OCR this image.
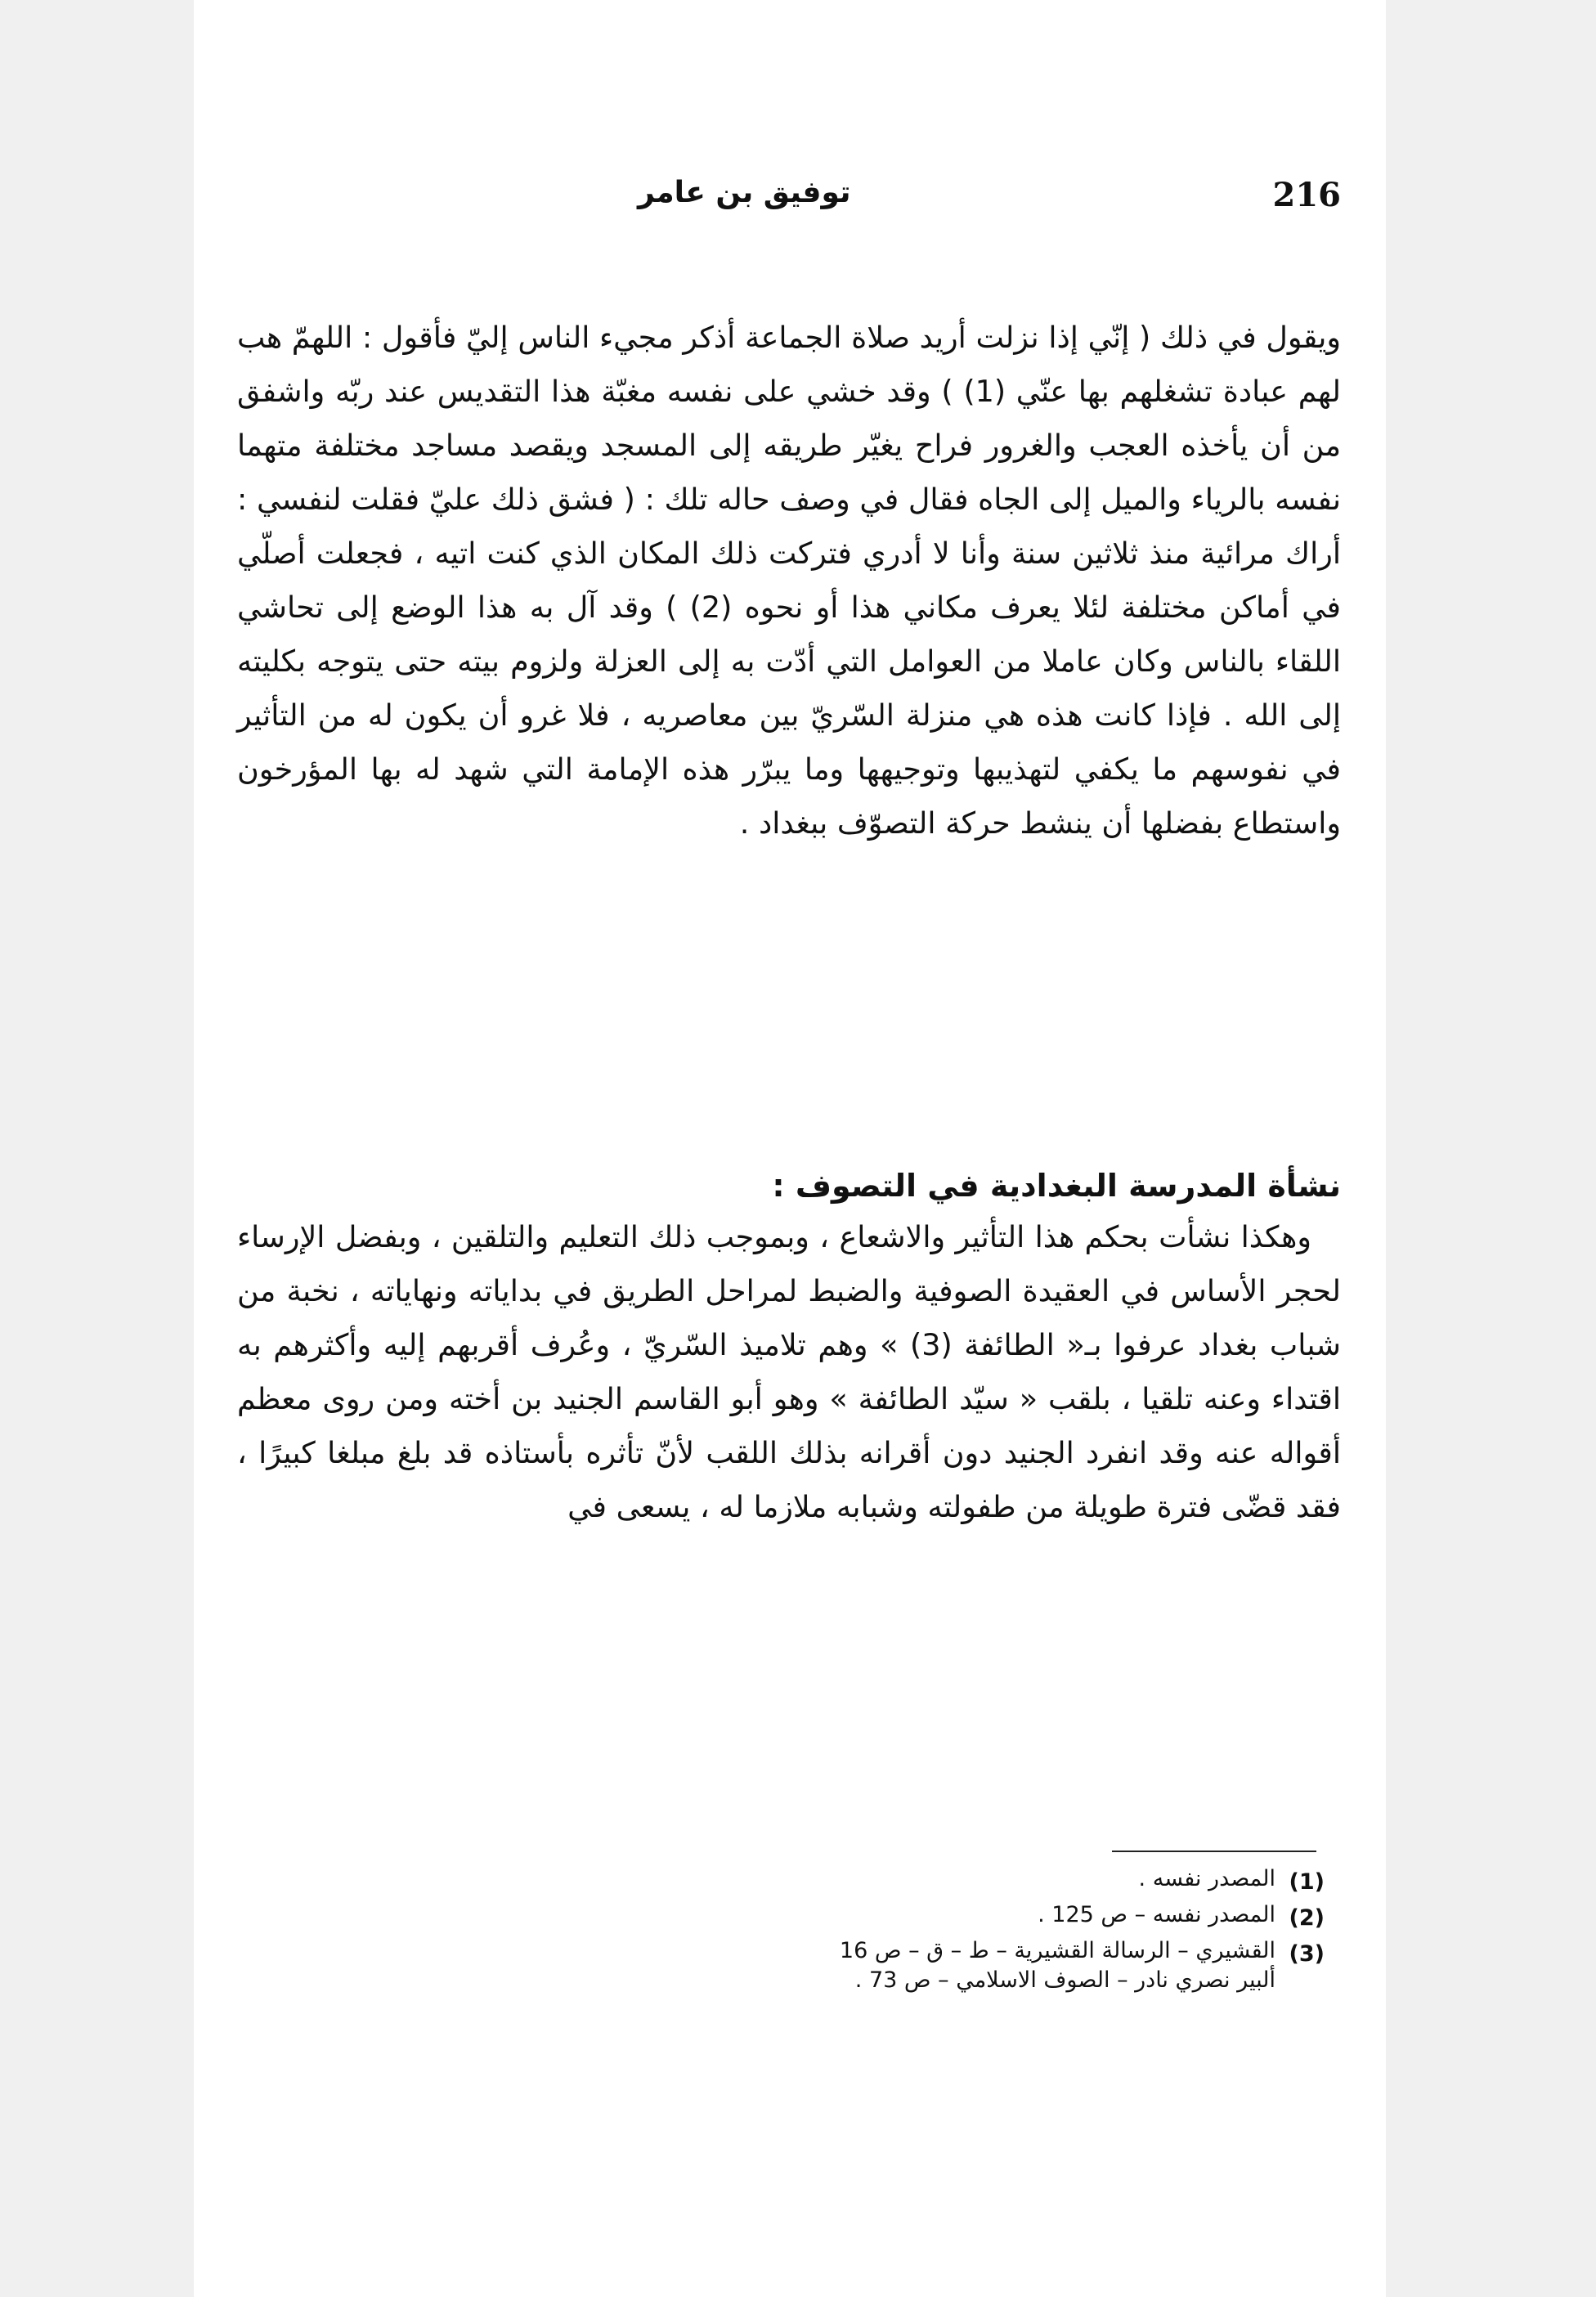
216
توفيق بن عامر

ويقول في ذلك ( إنّي إذا نزلت أريد صلاة الجماعة أذكر مجيء الناس إليّ فأقول : اللهمّ هب لهم عبادة تشغلهم بها عنّي (1) ) وقد خشي على نفسه مغبّة هذا التقديس عند ربّه واشفق من أن يأخذه العجب والغرور فراح يغيّر طريقه إلى المسجد ويقصد مساجد مختلفة متهما نفسه بالرياء والميل إلى الجاه فقال في وصف حاله تلك : ( فشق ذلك عليّ فقلت لنفسي : أراك مرائية منذ ثلاثين سنة وأنا لا أدري فتركت ذلك المكان الذي كنت اتيه ، فجعلت أصلّي في أماكن مختلفة لئلا يعرف مكاني هذا أو نحوه (2) ) وقد آل به هذا الوضع إلى تحاشي اللقاء بالناس وكان عاملا من العوامل التي أدّت به إلى العزلة ولزوم بيته حتى يتوجه بكليته إلى الله . فإذا كانت هذه هي منزلة السّريّ بين معاصريه ، فلا غرو أن يكون له من التأثير في نفوسهم ما يكفي لتهذيبها وتوجيهها وما يبرّر هذه الإمامة التي شهد له بها المؤرخون واستطاع بفضلها أن ينشط حركة التصوّف ببغداد .

نشأة المدرسة البغدادية في التصوف :

وهكذا نشأت بحكم هذا التأثير والاشعاع ، وبموجب ذلك التعليم والتلقين ، وبفضل الإرساء لحجر الأساس في العقيدة الصوفية والضبط لمراحل الطريق في بداياته ونهاياته ، نخبة من شباب بغداد عرفوا بـ« الطائفة (3) » وهم تلاميذ السّريّ ، وعُرف أقربهم إليه وأكثرهم به اقتداء وعنه تلقيا ، بلقب « سيّد الطائفة » وهو أبو القاسم الجنيد بن أخته ومن روى معظم أقواله عنه وقد انفرد الجنيد دون أقرانه بذلك اللقب لأنّ تأثره بأستاذه قد بلغ مبلغا كبيرًا ، فقد قضّى فترة طويلة من طفولته وشبابه ملازما له ، يسعى في

(1)
المصدر نفسه .
(2)
المصدر نفسه – ص 125 .
(3)
القشيري – الرسالة القشيرية – ط – ق – ص 16
ألبير نصري نادر – الصوف الاسلامي – ص 73 .
